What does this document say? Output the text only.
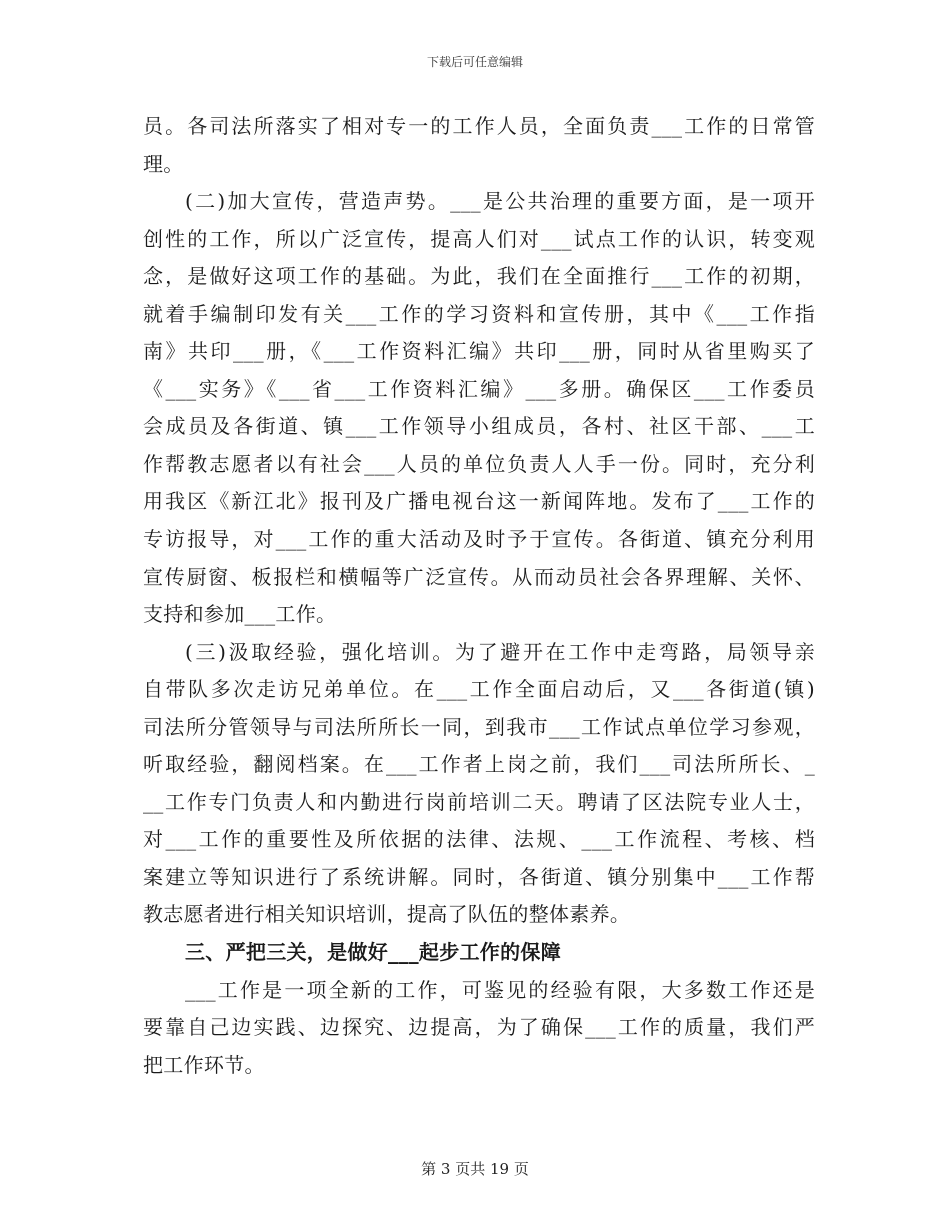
下载后可任意编辑
员。各司法所落实了相对专一的工作人员，全面负责___工作的日常管
理。
(二)加大宣传，营造声势。___是公共治理的重要方面，是一项开
创性的工作，所以广泛宣传，提高人们对___试点工作的认识，转变观
念，是做好这项工作的基础。为此，我们在全面推行___工作的初期，
就着手编制印发有关___工作的学习资料和宣传册，其中《___工作指
南》共印___册，《___工作资料汇编》共印___册，同时从省里购买了
《___实务》《___省___工作资料汇编》___多册。确保区___工作委员
会成员及各街道、镇___工作领导小组成员，各村、社区干部、___工
作帮教志愿者以有社会___人员的单位负责人人手一份。同时，充分利
用我区《新江北》报刊及广播电视台这一新闻阵地。发布了___工作的
专访报导，对___工作的重大活动及时予于宣传。各街道、镇充分利用
宣传厨窗、板报栏和横幅等广泛宣传。从而动员社会各界理解、关怀、
支持和参加___工作。
(三)汲取经验，强化培训。为了避开在工作中走弯路，局领导亲
自带队多次走访兄弟单位。在___工作全面启动后，又___各街道(镇)
司法所分管领导与司法所所长一同，到我市___工作试点单位学习参观，
听取经验，翻阅档案。在___工作者上岗之前，我们___司法所所长、_
__工作专门负责人和内勤进行岗前培训二天。聘请了区法院专业人士，
对___工作的重要性及所依据的法律、法规、___工作流程、考核、档
案建立等知识进行了系统讲解。同时，各街道、镇分别集中___工作帮
教志愿者进行相关知识培训，提高了队伍的整体素养。
三、严把三关，是做好___起步工作的保障
___工作是一项全新的工作，可鉴见的经验有限，大多数工作还是
要靠自己边实践、边探究、边提高，为了确保___工作的质量，我们严
把工作环节。
第 3 页共 19 页
